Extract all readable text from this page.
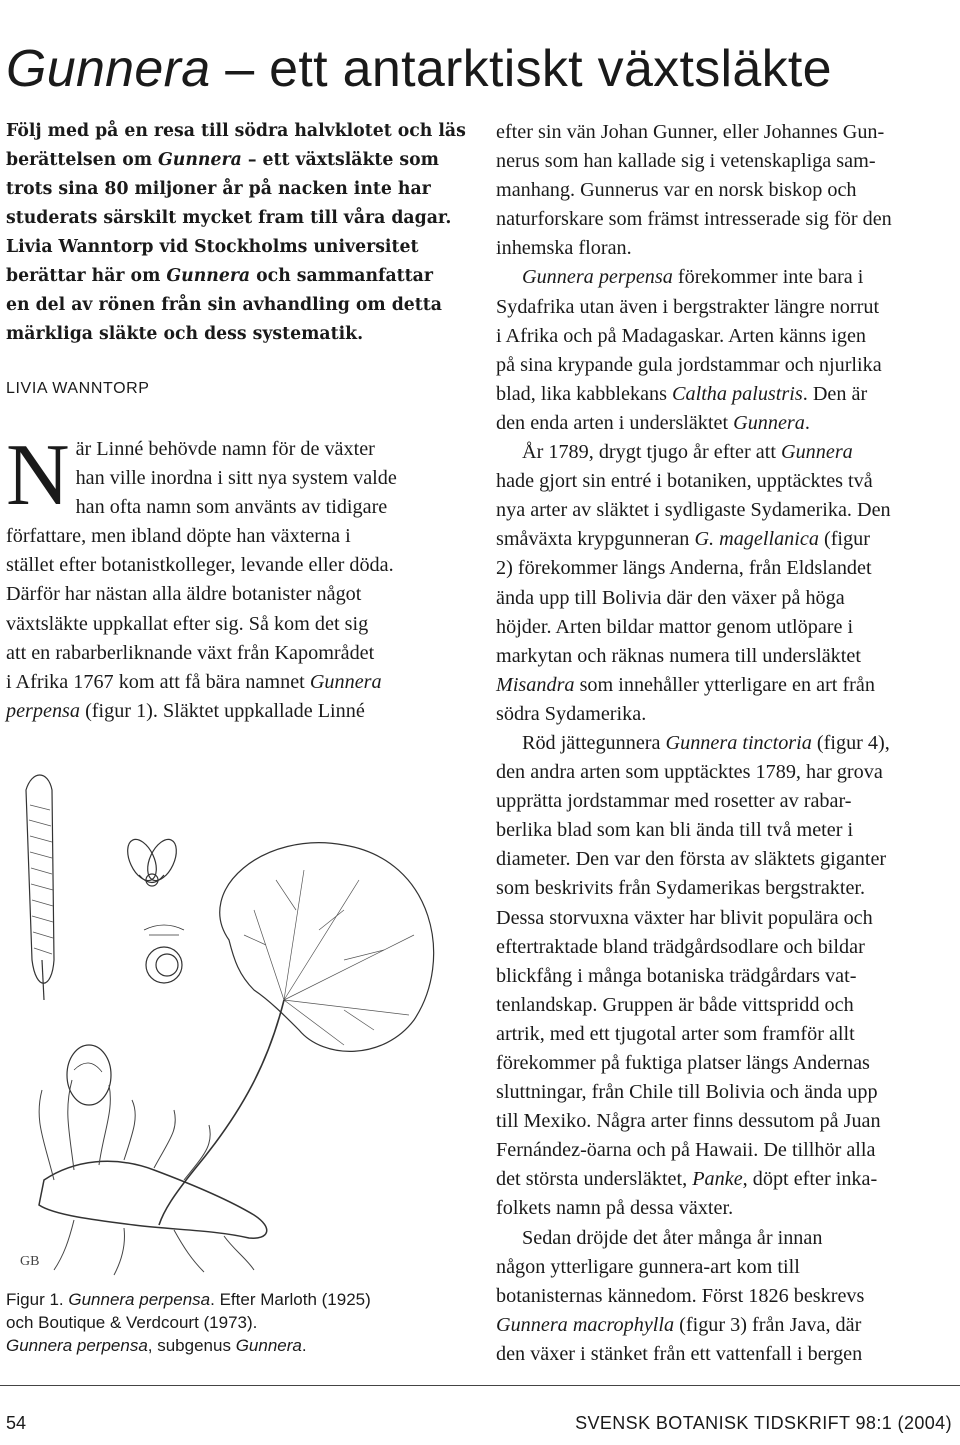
Gunnera – ett antarktiskt växtsläkte
Följ med på en resa till södra halvklotet och läs
berättelsen om Gunnera – ett växtsläkte som
trots sina 80 miljoner år på nacken inte har
studerats särskilt mycket fram till våra dagar.
Livia Wanntorp vid Stockholms universitet
berättar här om Gunnera och sammanfattar
en del av rönen från sin avhandling om detta
märkliga släkte och dess systematik.
LIVIA WANNTORP
N är Linné behövde namn för de växter
han ville inordna i sitt nya system valde
han ofta namn som använts av tidigare
författare, men ibland döpte han växterna i
stället efter botanistkolleger, levande eller döda.
Därför har nästan alla äldre botanister något
växtsläkte uppkallat efter sig. Så kom det sig
att en rabarberliknande växt från Kapområdet
i Afrika 1767 kom att få bära namnet Gunnera
perpensa (figur 1). Släktet uppkallade Linné
GB
Figur 1. Gunnera perpensa. Efter Marloth (1925)
och Boutique & Verdcourt (1973).
Gunnera perpensa, subgenus Gunnera.

efter sin vän Johan Gunner, eller Johannes Gun-
nerus som han kallade sig i vetenskapliga sam-
manhang. Gunnerus var en norsk biskop och
naturforskare som främst intresserade sig för den
inhemska floran.

Gunnera perpensa förekommer inte bara i
Sydafrika utan även i bergstrakter längre norrut
i Afrika och på Madagaskar. Arten känns igen
på sina krypande gula jordstammar och njurlika
blad, lika kabblekans Caltha palustris. Den är
den enda arten i undersläktet Gunnera.

År 1789, drygt tjugo år efter att Gunnera
hade gjort sin entré i botaniken, upptäcktes två
nya arter av släktet i sydligaste Sydamerika. Den
småväxta krypgunneran G. magellanica (figur
2) förekommer längs Anderna, från Eldslandet
ända upp till Bolivia där den växer på höga
höjder. Arten bildar mattor genom utlöpare i
markytan och räknas numera till undersläktet
Misandra som innehåller ytterligare en art från
södra Sydamerika.

Röd jättegunnera Gunnera tinctoria (figur 4),
den andra arten som upptäcktes 1789, har grova
upprätta jordstammar med rosetter av rabar-
berlika blad som kan bli ända till två meter i
diameter. Den var den första av släktets giganter
som beskrivits från Sydamerikas bergstrakter.
Dessa storvuxna växter har blivit populära och
eftertraktade bland trädgårdsodlare och bildar
blickfång i många botaniska trädgårdars vat-
tenlandskap. Gruppen är både vittspridd och
artrik, med ett tjugotal arter som framför allt
förekommer på fuktiga platser längs Andernas
sluttningar, från Chile till Bolivia och ända upp
till Mexiko. Några arter finns dessutom på Juan
Fernández-öarna och på Hawaii. De tillhör alla
det största undersläktet, Panke, döpt efter inka-
folkets namn på dessa växter.

Sedan dröjde det åter många år innan
någon ytterligare gunnera-art kom till
botanisternas kännedom. Först 1826 beskrevs
Gunnera macrophylla (figur 3) från Java, där
den växer i stänket från ett vattenfall i bergen

54	SVENSK BOTANISK TIDSKRIFT 98:1 (2004)
